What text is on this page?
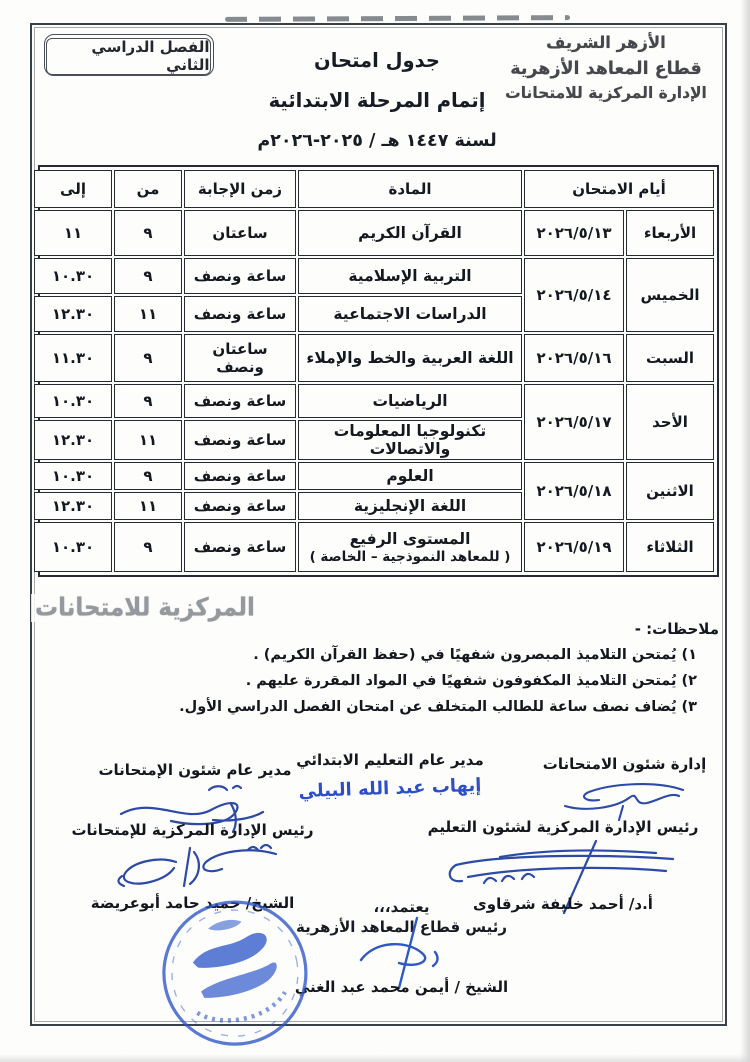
الفصل الدراسي الثاني
الأزهر الشريف
قطاع المعاهد الأزهرية
الإدارة المركزية للامتحانات
جدول امتحان
إتمام المرحلة الابتدائية
لسنة ١٤٤٧ هـ / ٢٠٢٥-٢٠٢٦م
أيام الامتحان		المادة	زمن الإجابة	من	إلى
الأربعاء	٢٠٢٦/٥/١٣	القرآن الكريم	ساعتان	٩	١١
الخميس	٢٠٢٦/٥/١٤	التربية الإسلامية	ساعة ونصف	٩	١٠.٣٠

		الدراسات الاجتماعية	ساعة ونصف	١١	١٢.٣٠
السبت	٢٠٢٦/٥/١٦	اللغة العربية والخط والإملاء	ساعتان ونصف	٩	١١.٣٠
الأحد	٢٠٢٦/٥/١٧	الرياضيات	ساعة ونصف	٩	١٠.٣٠

		تكنولوجيا المعلومات والاتصالات	ساعة ونصف	١١	١٢.٣٠
الاثنين	٢٠٢٦/٥/١٨	العلوم	ساعة ونصف	٩	١٠.٣٠

		اللغة الإنجليزية	ساعة ونصف	١١	١٢.٣٠
الثلاثاء	٢٠٢٦/٥/١٩	المستوى الرفيع
( للمعاهد النموذجية – الخاصة )	ساعة ونصف	٩	١٠.٣٠
المركزية للامتحانات
ملاحظات: -
١) يُمتحن التلاميذ المبصرون شفهيًا في (حفظ القرآن الكريم) .
٢) يُمتحن التلاميذ المكفوفون شفهيًا في المواد المقررة عليهم .
٣) يُضاف نصف ساعة للطالب المتخلف عن امتحان الفصل الدراسي الأول.
إدارة شئون الامتحانات
مدير عام التعليم الابتدائي
إيهاب عبد الله البيلي
مدير عام شئون الإمتحانات
رئيس الإدارة المركزية لشئون التعليم
أ.د/ أحمد خليفة شرقاوى
رئيس الإدارة المركزية للإمتحانات
الشيخ/ حميد حامد أبوعريضة	يعتمد،،،
رئيس قطاع المعاهد الأزهرية
الشيخ / أيمن محمد عبد الغني
